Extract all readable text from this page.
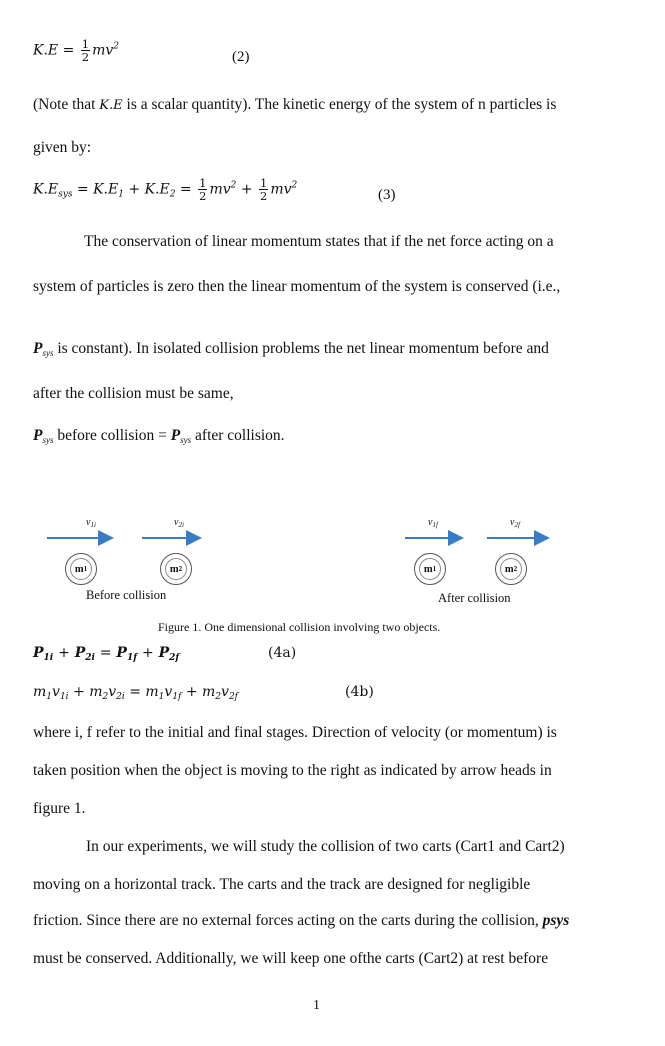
$K.E = \frac{1}{2} mv^2$
(2)
(Note that K.E is a scalar quantity). The kinetic energy of the system of n particles is
given by:
$K.E_{sys} = K.E_1 + K.E_2 = \frac{1}{2} mv^2 + \frac{1}{2} mv^2$
(3)
The conservation of linear momentum states that if the net force acting on a
system of particles is zero then the linear momentum of the system is conserved (i.e.,
$P_{sys}$ is constant). In isolated collision problems the net linear momentum before and
after the collision must be same,
$P_{sys}$ before collision = $P_{sys}$ after collision.
$v_{1i}$	$v_{2i}$	$v_{1f}$	$v_{2f}$
m 1	m 2	m 1	m 2
Before collision	After collision
Figure 1. One dimensional collision involving two objects.
$P_{1i} + P_{2i} = P_{1f} + P_{2f}$	(4a)
$m_1v_{1i} + m_2v_{2i} = m_1v_{1f} + m_2v_{2f}$	(4b)
where i, f refer to the initial and final stages. Direction of velocity (or momentum) is
taken position when the object is moving to the right as indicated by arrow heads in
figure 1.
In our experiments, we will study the collision of two carts (Cart1 and Cart2)
moving on a horizontal track. The carts and the track are designed for negligible
friction. Since there are no external forces acting on the carts during the collision, psys
must be conserved. Additionally, we will keep one ofthe carts (Cart2) at rest before
1
